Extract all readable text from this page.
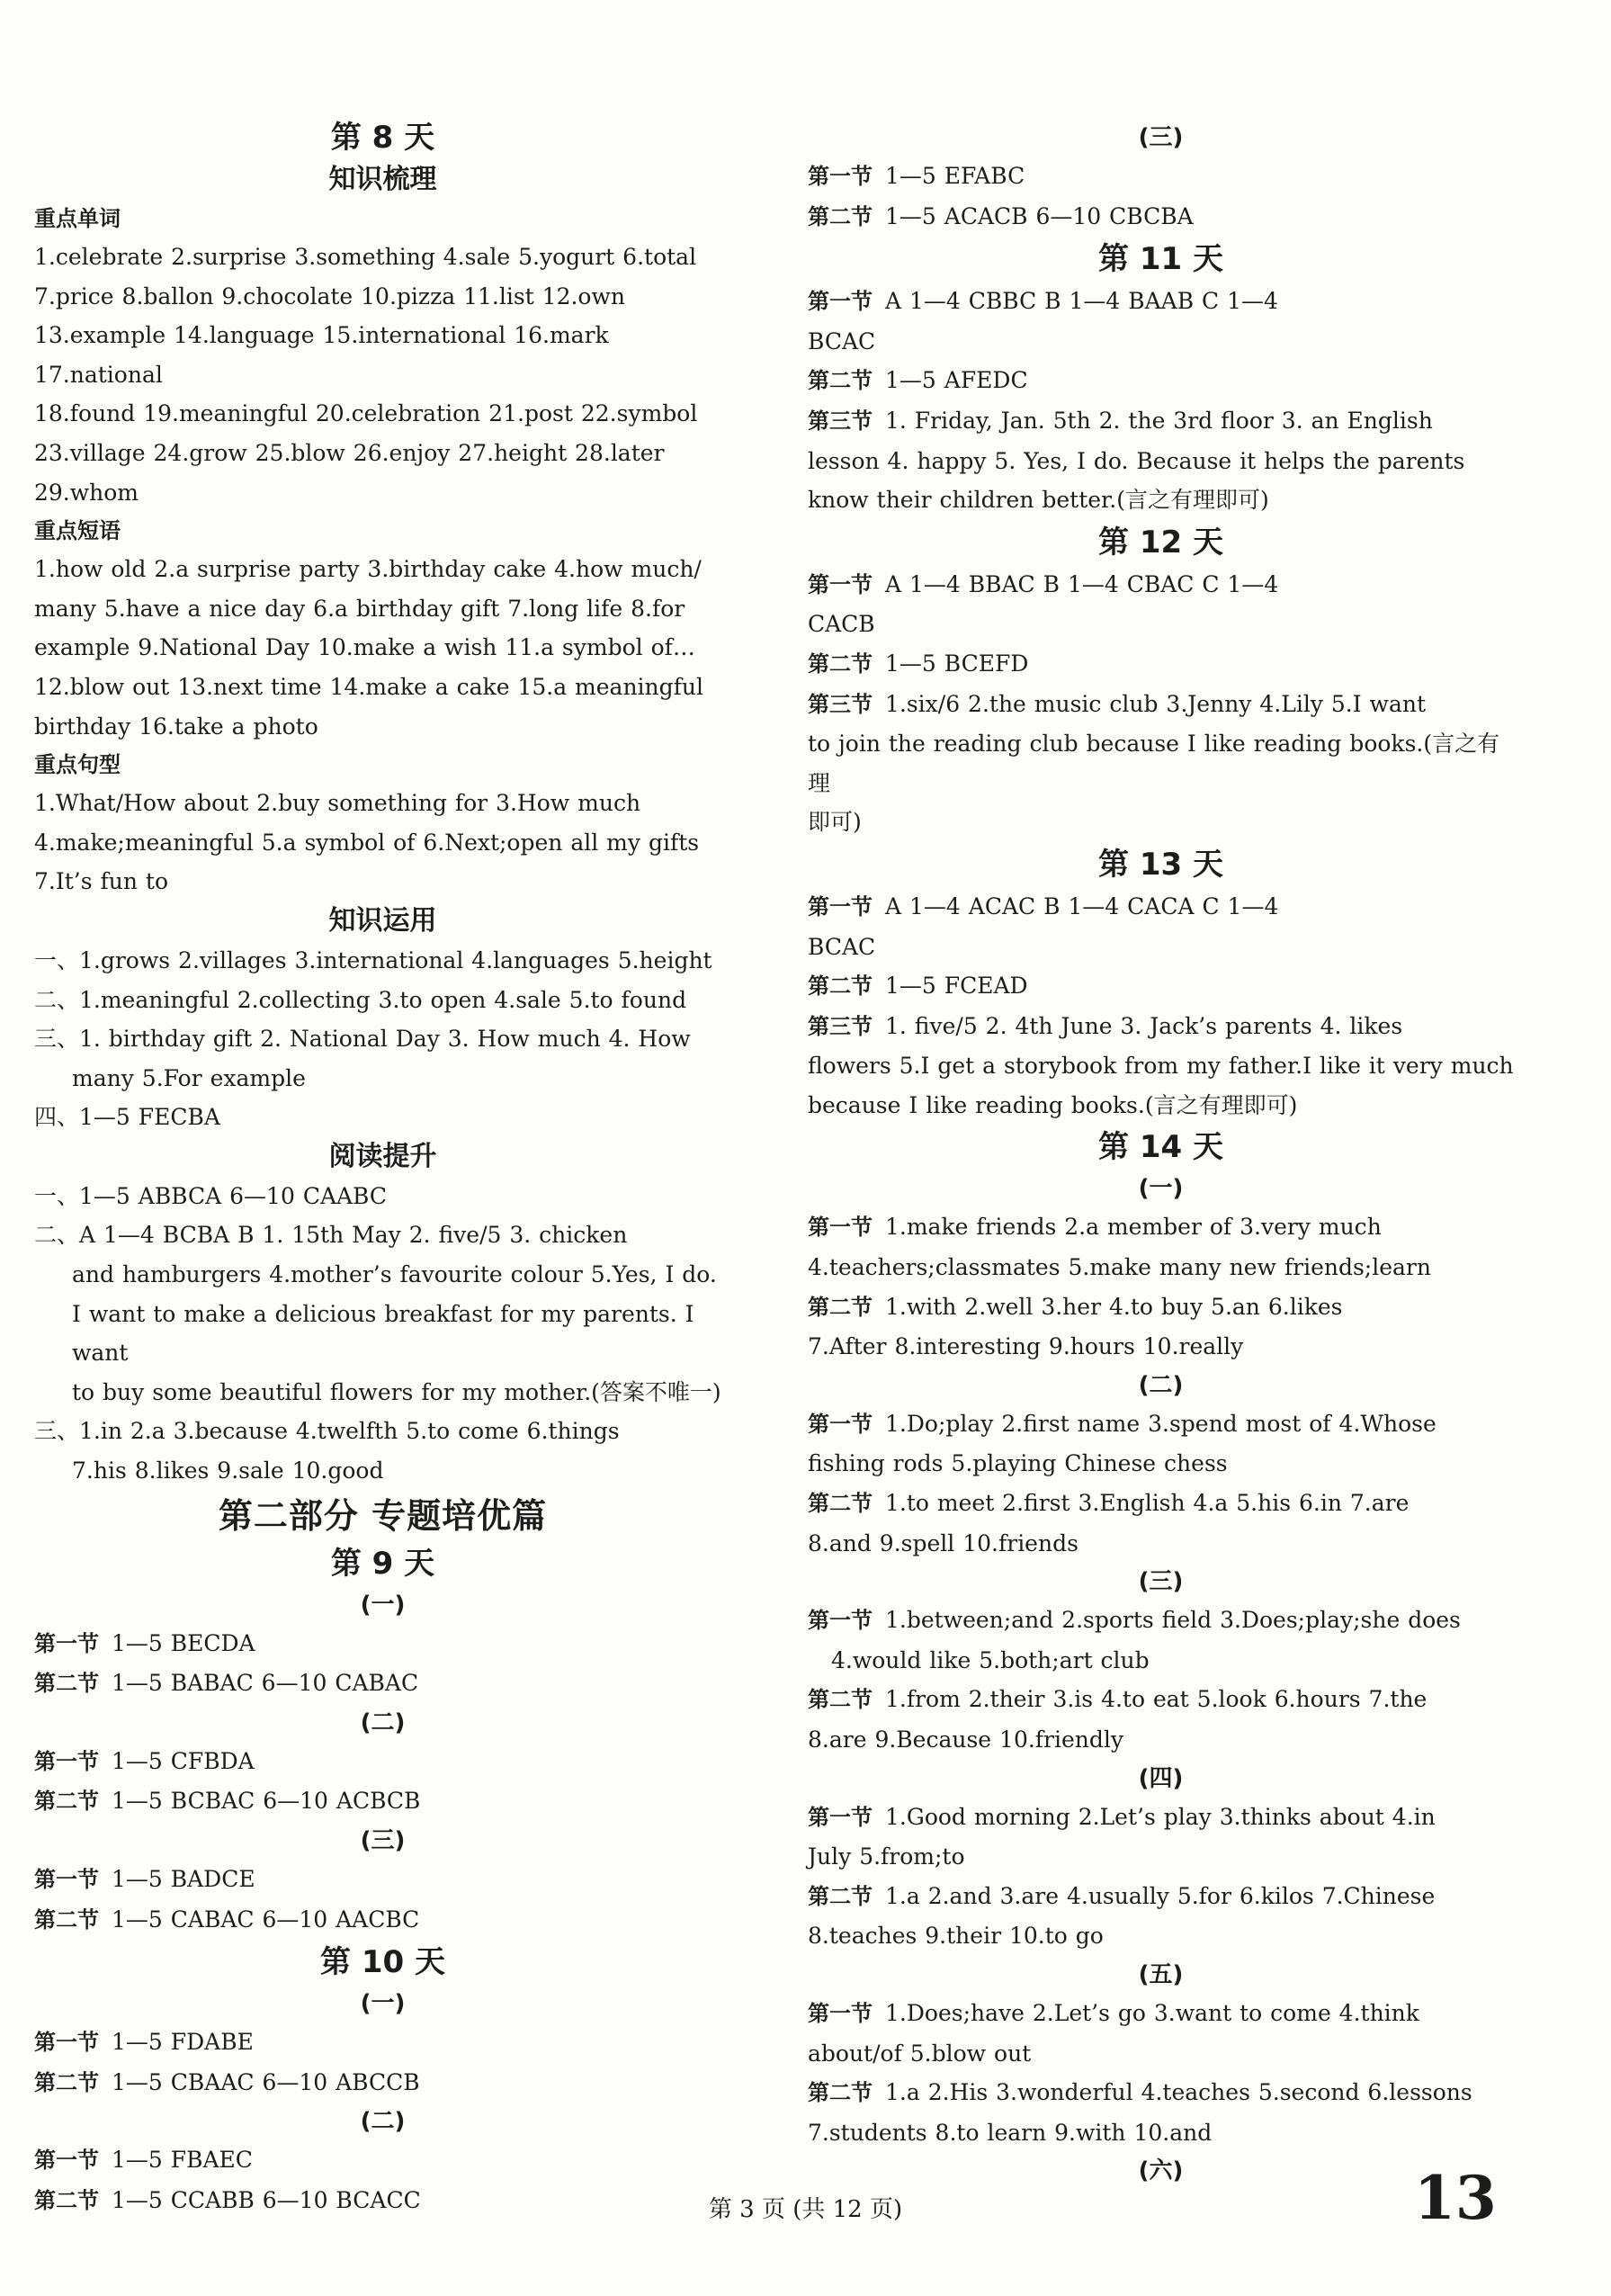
第 8 天
知识梳理
重点单词
1.celebrate 2.surprise 3.something 4.sale 5.yogurt 6.total
7.price 8.ballon 9.chocolate 10.pizza 11.list 12.own
13.example 14.language 15.international 16.mark 17.national
18.found 19.meaningful 20.celebration 21.post 22.symbol
23.village 24.grow 25.blow 26.enjoy 27.height 28.later
29.whom
重点短语
1.how old 2.a surprise party 3.birthday cake 4.how much/
many 5.have a nice day 6.a birthday gift 7.long life 8.for
example 9.National Day 10.make a wish 11.a symbol of…
12.blow out 13.next time 14.make a cake 15.a meaningful
birthday 16.take a photo
重点句型
1.What/How about 2.buy something for 3.How much
4.make;meaningful 5.a symbol of 6.Next;open all my gifts
7.It’s fun to
知识运用
一、1.grows 2.villages 3.international 4.languages 5.height
二、1.meaningful 2.collecting 3.to open 4.sale 5.to found
三、1. birthday gift 2. National Day 3. How much 4. How
many 5.For example
四、1—5 FECBA
阅读提升
一、1—5 ABBCA 6—10 CAABC
二、A 1—4 BCBA B 1. 15th May 2. five/5 3. chicken
and hamburgers 4.mother’s favourite colour 5.Yes, I do.
I want to make a delicious breakfast for my parents. I want
to buy some beautiful flowers for my mother.(答案不唯一)
三、1.in 2.a 3.because 4.twelfth 5.to come 6.things
7.his 8.likes 9.sale 10.good
第二部分 专题培优篇
第 9 天
(一)
第一节 1—5 BECDA
第二节 1—5 BABAC 6—10 CABAC
(二)
第一节 1—5 CFBDA
第二节 1—5 BCBAC 6—10 ACBCB
(三)
第一节 1—5 BADCE
第二节 1—5 CABAC 6—10 AACBC
第 10 天
(一)
第一节 1—5 FDABE
第二节 1—5 CBAAC 6—10 ABCCB
(二)
第一节 1—5 FBAEC
第二节 1—5 CCABB 6—10 BCACC
(三)
第一节 1—5 EFABC
第二节 1—5 ACACB 6—10 CBCBA
第 11 天
第一节 A 1—4 CBBC B 1—4 BAAB C 1—4
BCAC
第二节 1—5 AFEDC
第三节 1. Friday, Jan. 5th 2. the 3rd floor 3. an English
lesson 4. happy 5. Yes, I do. Because it helps the parents
know their children better.(言之有理即可)
第 12 天
第一节 A 1—4 BBAC B 1—4 CBAC C 1—4
CACB
第二节 1—5 BCEFD
第三节 1.six/6 2.the music club 3.Jenny 4.Lily 5.I want
to join the reading club because I like reading books.(言之有理
即可)
第 13 天
第一节 A 1—4 ACAC B 1—4 CACA C 1—4
BCAC
第二节 1—5 FCEAD
第三节 1. five/5 2. 4th June 3. Jack’s parents 4. likes
flowers 5.I get a storybook from my father.I like it very much
because I like reading books.(言之有理即可)
第 14 天
(一)
第一节 1.make friends 2.a member of 3.very much
4.teachers;classmates 5.make many new friends;learn
第二节 1.with 2.well 3.her 4.to buy 5.an 6.likes
7.After 8.interesting 9.hours 10.really
(二)
第一节 1.Do;play 2.first name 3.spend most of 4.Whose
fishing rods 5.playing Chinese chess
第二节 1.to meet 2.first 3.English 4.a 5.his 6.in 7.are
8.and 9.spell 10.friends
(三)
第一节 1.between;and 2.sports field 3.Does;play;she does
4.would like 5.both;art club
第二节 1.from 2.their 3.is 4.to eat 5.look 6.hours 7.the
8.are 9.Because 10.friendly
(四)
第一节 1.Good morning 2.Let’s play 3.thinks about 4.in
July 5.from;to
第二节 1.a 2.and 3.are 4.usually 5.for 6.kilos 7.Chinese
8.teaches 9.their 10.to go
(五)
第一节 1.Does;have 2.Let’s go 3.want to come 4.think
about/of 5.blow out
第二节 1.a 2.His 3.wonderful 4.teaches 5.second 6.lessons
7.students 8.to learn 9.with 10.and
(六)
第 3 页 (共 12 页)	13
